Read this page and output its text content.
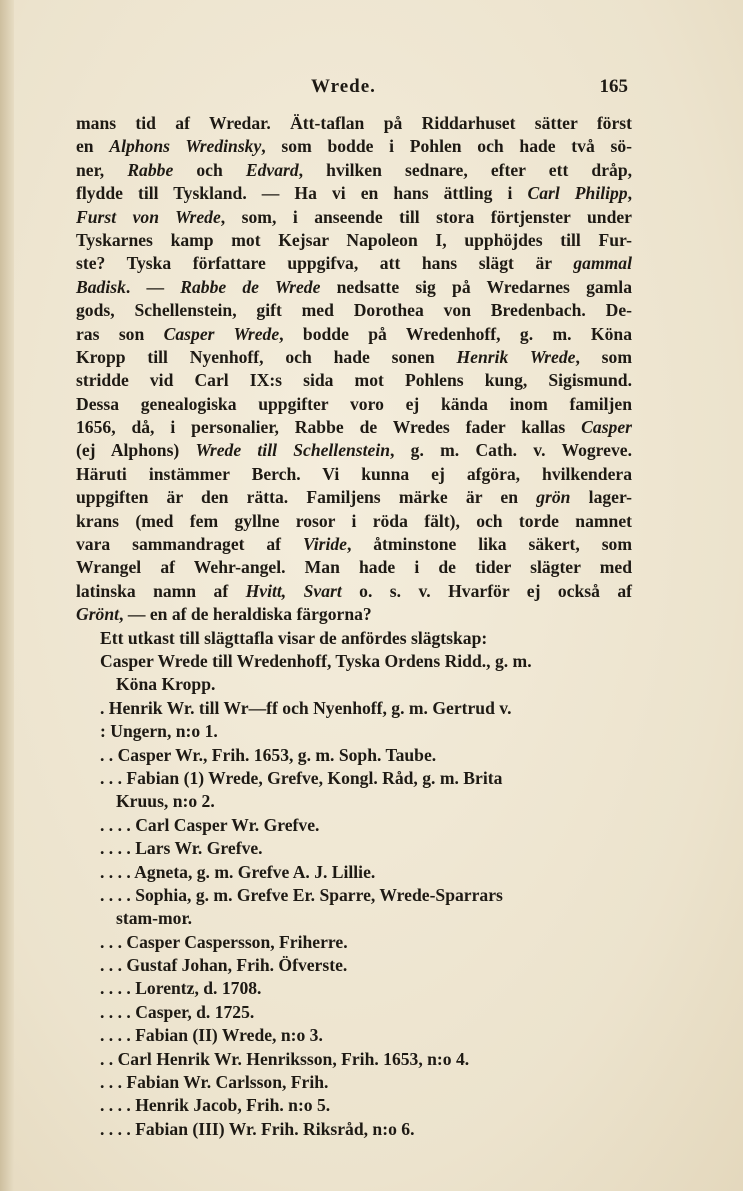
Wrede.	165
mans tid af Wredar. Ätt-taflan på Riddarhuset sätter först
en Alphons Wredinsky, som bodde i Pohlen och hade två sö-
ner, Rabbe och Edvard, hvilken sednare, efter ett dråp,
flydde till Tyskland. — Ha vi en hans ättling i Carl Philipp,
Furst von Wrede, som, i anseende till stora förtjenster under
Tyskarnes kamp mot Kejsar Napoleon I, upphöjdes till Fur-
ste? Tyska författare uppgifva, att hans slägt är gammal
Badisk. — Rabbe de Wrede nedsatte sig på Wredarnes gamla
gods, Schellenstein, gift med Dorothea von Bredenbach. De-
ras son Casper Wrede, bodde på Wredenhoff, g. m. Köna
Kropp till Nyenhoff, och hade sonen Henrik Wrede, som
stridde vid Carl IX:s sida mot Pohlens kung, Sigismund.
Dessa genealogiska uppgifter voro ej kända inom familjen
1656, då, i personalier, Rabbe de Wredes fader kallas Casper
(ej Alphons) Wrede till Schellenstein, g. m. Cath. v. Wogreve.
Häruti instämmer Berch. Vi kunna ej afgöra, hvilkendera
uppgiften är den rätta. Familjens märke är en grön lager-
krans (med fem gyllne rosor i röda fält), och torde namnet
vara sammandraget af Viride, åtminstone lika säkert, som
Wrangel af Wehr-angel. Man hade i de tider slägter med
latinska namn af Hvitt, Svart o. s. v. Hvarför ej också af
Grönt, — en af de heraldiska färgorna?
Ett utkast till slägttafla visar de anfördes slägtskap:
Casper Wrede till Wredenhoff, Tyska Ordens Ridd., g. m.
Köna Kropp.
. Henrik Wr. till Wr—ff och Nyenhoff, g. m. Gertrud v.
: Ungern, n:o 1.
. . Casper Wr., Frih. 1653, g. m. Soph. Taube.
. . . Fabian (1) Wrede, Grefve, Kongl. Råd, g. m. Brita
Kruus, n:o 2.
. . . . Carl Casper Wr. Grefve.
. . . . Lars Wr. Grefve.
. . . . Agneta, g. m. Grefve A. J. Lillie.
. . . . Sophia, g. m. Grefve Er. Sparre, Wrede-Sparrars
stam-mor.
. . . Casper Caspersson, Friherre.
. . . Gustaf Johan, Frih. Öfverste.
. . . . Lorentz, d. 1708.
. . . . Casper, d. 1725.
. . . . Fabian (II) Wrede, n:o 3.
. . Carl Henrik Wr. Henriksson, Frih. 1653, n:o 4.
. . . Fabian Wr. Carlsson, Frih.
. . . . Henrik Jacob, Frih. n:o 5.
. . . . Fabian (III) Wr. Frih. Riksråd, n:o 6.
